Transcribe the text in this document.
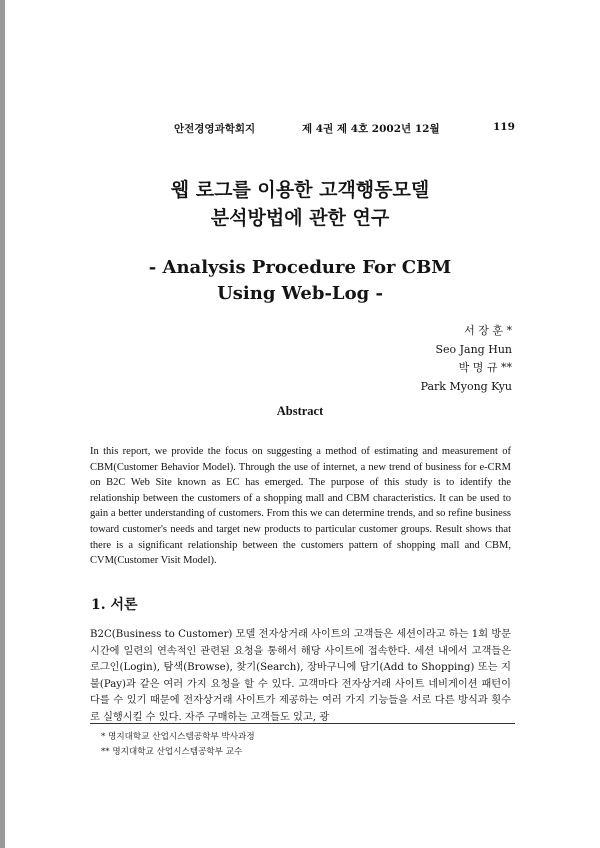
안전경영과학회지	제 4권 제 4호 2002년 12월	119
웹 로그를 이용한 고객행동모델
분석방법에 관한 연구
- Analysis Procedure For CBM
Using Web-Log -
서 장 훈 *
Seo Jang Hun
박 명 규 **
Park Myong Kyu
Abstract
In this report, we provide the focus on suggesting a method of estimating and measurement of CBM(Customer Behavior Model). Through the use of internet, a new trend of business for e-CRM on B2C Web Site known as EC has emerged. The purpose of this study is to identify the relationship between the customers of a shopping mall and CBM characteristics. It can be used to gain a better understanding of customers. From this we can determine trends, and so refine business toward customer's needs and target new products to particular customer groups. Result shows that there is a significant relationship between the customers pattern of shopping mall and CBM, CVM(Customer Visit Model).
1. 서론
B2C(Business to Customer) 모델 전자상거래 사이트의 고객들은 세션이라고 하는 1회 방문 시간에 일련의 연속적인 관련된 요청을 통해서 해당 사이트에 접속한다. 세션 내에서 고객들은 로그인(Login), 탐색(Browse), 찾기(Search), 장바구니에 담기(Add to Shopping) 또는 지불(Pay)과 같은 여러 가지 요청을 할 수 있다. 고객마다 전자상거래 사이트 네비게이션 패턴이 다를 수 있기 때문에 전자상거래 사이트가 제공하는 여러 가지 기능들을 서로 다른 방식과 횟수로 실행시킬 수 있다. 자주 구매하는 고객들도 있고, 광
* 명지대학교 산업시스템공학부 박사과정
** 명지대학교 산업시스템공학부 교수
